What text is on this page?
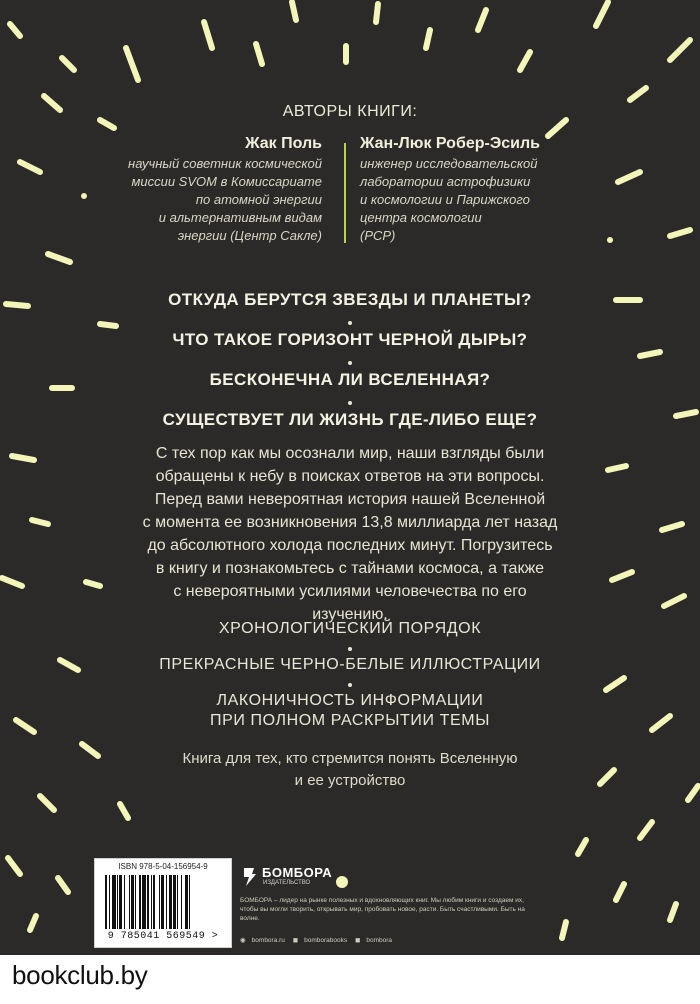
АВТОРЫ КНИГИ:
Жак Поль
научный советник космической
миссии SVOM в Комиссариате
по атомной энергии
и альтернативным видам
энергии (Центр Сакле)
Жан-Люк Робер-Эсиль
инженер исследовательской
лаборатории астрофизики
и космологии и Парижского
центра космологии
(PCP)
ОТКУДА БЕРУТСЯ ЗВЕЗДЫ И ПЛАНЕТЫ?
ЧТО ТАКОЕ ГОРИЗОНТ ЧЕРНОЙ ДЫРЫ?
БЕСКОНЕЧНА ЛИ ВСЕЛЕННАЯ?
СУЩЕСТВУЕТ ЛИ ЖИЗНЬ ГДЕ-ЛИБО ЕЩЕ?
С тех пор как мы осознали мир, наши взгляды были
обращены к небу в поисках ответов на эти вопросы.
Перед вами невероятная история нашей Вселенной
с момента ее возникновения 13,8 миллиарда лет назад
до абсолютного холода последних минут. Погрузитесь
в книгу и познакомьтесь с тайнами космоса, а также
с невероятными усилиями человечества по его
изучению.
ХРОНОЛОГИЧЕСКИЙ ПОРЯДОК
ПРЕКРАСНЫЕ ЧЕРНО-БЕЛЫЕ ИЛЛЮСТРАЦИИ
ЛАКОНИЧНОСТЬ ИНФОРМАЦИИ
ПРИ ПОЛНОМ РАСКРЫТИИ ТЕМЫ
Книга для тех, кто стремится понять Вселенную
и ее устройство
ISBN 978-5-04-156954-9
9 785041 569549 >
БОМБОРА
ИЗДАТЕЛЬСТВО
БОМБОРА – лидер на рынке полезных и вдохновляющих книг. Мы любим книги и создаем их, чтобы вы могли творить, открывать мир, пробовать новое, расти. Быть счастливыми. Быть на волне.
◉ bombora.ru ◼ bomborabooks ◼ bombora
bookclub.by
